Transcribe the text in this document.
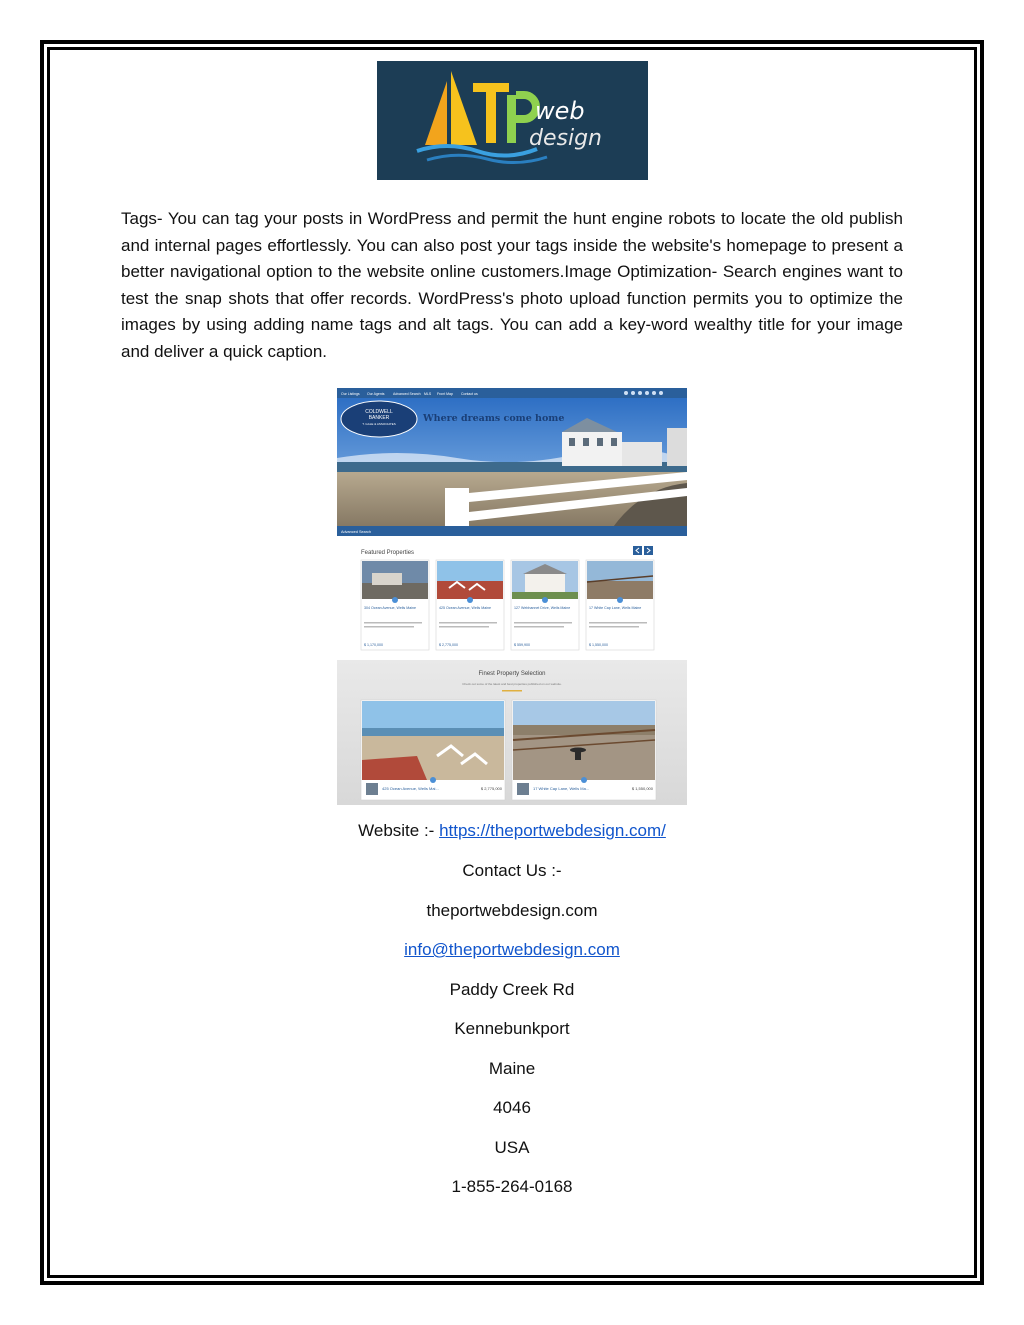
web
design

Tags- You can tag your posts in WordPress and permit the hunt engine robots to locate the old publish and internal pages effortlessly. You can also post your tags inside the website's homepage to present a better navigational option to the website online customers.Image Optimization- Search engines want to test the snap shots that offer records. WordPress's photo upload function permits you to optimize the images by using adding name tags and alt tags. You can add a key-word wealthy title for your image and deliver a quick caption.

Our Listings Our Agents Advanced Search MLS Front Map Contact us
COLDWELL
BANKER
T. GALE & ASSOCIATES	Where dreams come home
Advanced Search
Featured Properties
304 Ocean Avenue, Wells Maine
$ 1,170,000
425 Ocean Avenue, Wells Maine
$ 2,775,000
127 Webhannet Drive, Wells Maine
$ 559,900
17 White Cap Lane, Wells Maine
$ 1,550,000
Finest Property Selection
Check out some of the latest and best properties published on our website.
425 Ocean Avenue, Wells Mai...	$ 2,775,000	17 White Cap Lane, Wells Ma...	$ 1,550,000
Website :- https://theportwebdesign.com/
Contact Us :-
theportwebdesign.com
info@theportwebdesign.com
Paddy Creek Rd
Kennebunkport
Maine
4046
USA
1-855-264-0168
